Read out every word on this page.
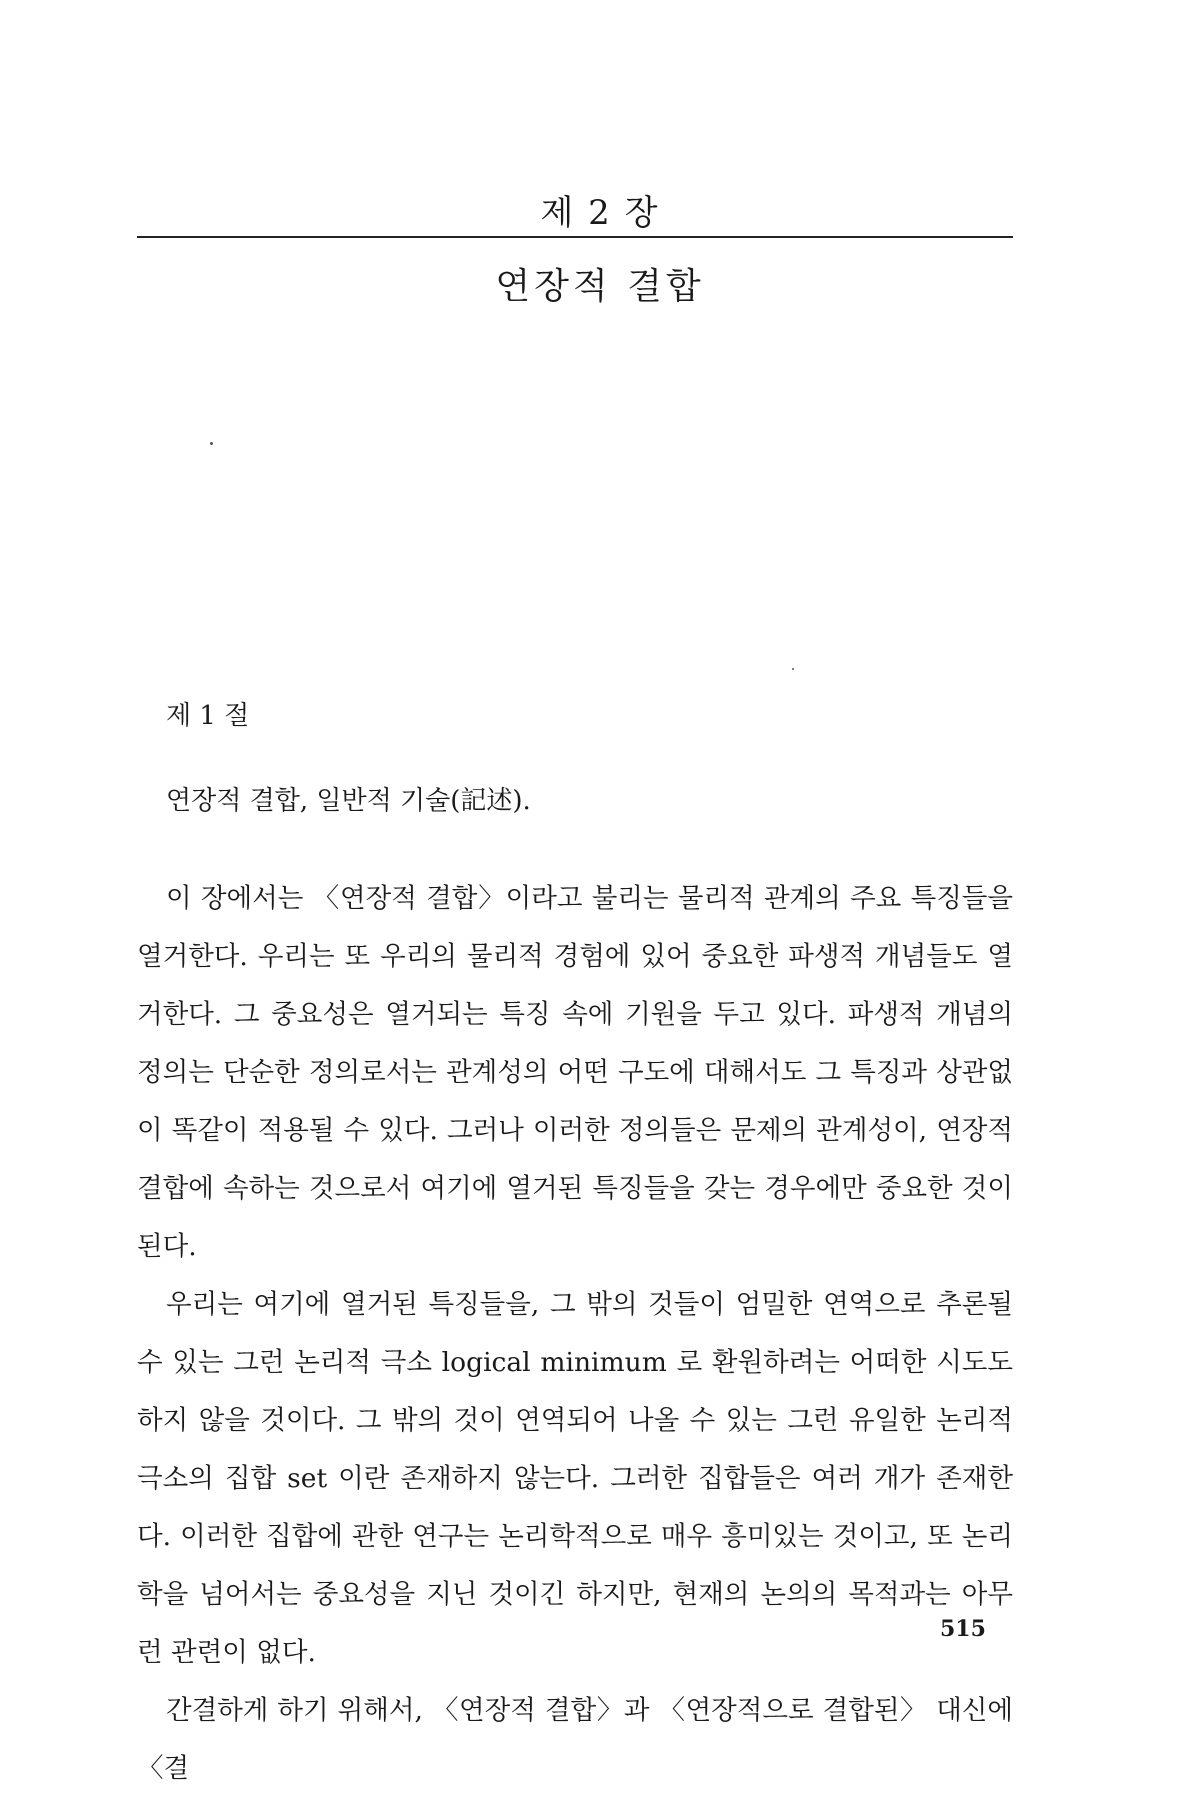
제 2 장
연장적 결합
제 1 절
연장적 결합, 일반적 기술(記述).

이 장에서는 〈연장적 결합〉이라고 불리는 물리적 관계의 주요 특징들을 열거한다. 우리는 또 우리의 물리적 경험에 있어 중요한 파생적 개념들도 열거한다. 그 중요성은 열거되는 특징 속에 기원을 두고 있다. 파생적 개념의 정의는 단순한 정의로서는 관계성의 어떤 구도에 대해서도 그 특징과 상관없이 똑같이 적용될 수 있다. 그러나 이러한 정의들은 문제의 관계성이, 연장적 결합에 속하는 것으로서 여기에 열거된 특징들을 갖는 경우에만 중요한 것이 된다.

우리는 여기에 열거된 특징들을, 그 밖의 것들이 엄밀한 연역으로 추론될 수 있는 그런 논리적 극소 logical minimum 로 환원하려는 어떠한 시도도 하지 않을 것이다. 그 밖의 것이 연역되어 나올 수 있는 그런 유일한 논리적 극소의 집합 set 이란 존재하지 않는다. 그러한 집합들은 여러 개가 존재한다. 이러한 집합에 관한 연구는 논리학적으로 매우 흥미있는 것이고, 또 논리학을 넘어서는 중요성을 지닌 것이긴 하지만, 현재의 논의의 목적과는 아무런 관련이 없다.

간결하게 하기 위해서, 〈연장적 결합〉과 〈연장적으로 결합된〉 대신에 〈결

515
